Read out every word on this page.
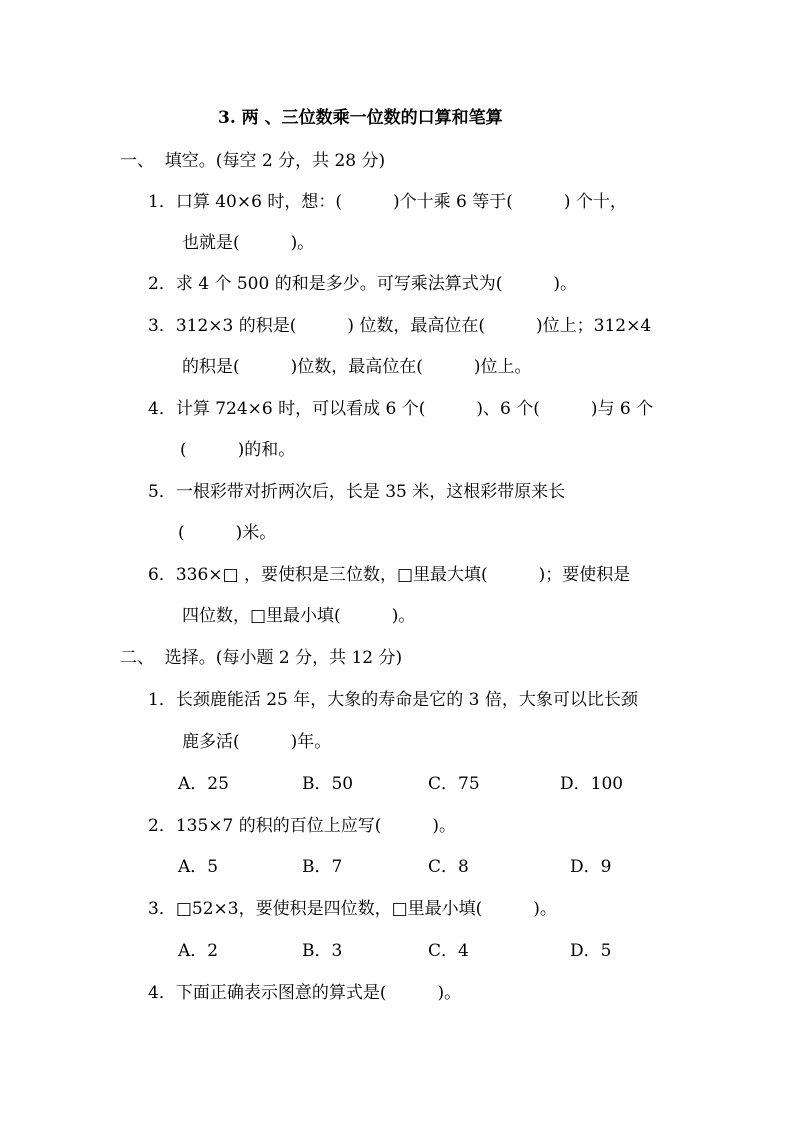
3. 两 、三位数乘一位数的口算和笔算
一、  填空。(每空 2 分，共 28 分)
1．口算 40×6 时，想：(　　　)个十乘 6 等于(　　　) 个十，
也就是(　　　)。
2．求 4 个 500 的和是多少。可写乘法算式为(　　　)。
3．312×3 的积是(　　　) 位数，最高位在(　　　)位上；312×4
的积是(　　　)位数，最高位在(　　　)位上。
4．计算 724×6 时，可以看成 6 个(　　　)、6 个(　　　)与 6 个
(　　　)的和。
5．一根彩带对折两次后，长是 35 米，这根彩带原来长
(　　　)米。
6．336×□ ，要使积是三位数，□里最大填(　　　)；要使积是
四位数，□里最小填(　　　)。
二、  选择。(每小题 2 分，共 12 分)
1．长颈鹿能活 25 年，大象的寿命是它的 3 倍，大象可以比长颈
鹿多活(　　　)年。
A．25	B．50	C．75	D．100
2．135×7 的积的百位上应写(　　　)。
A．5	B．7	C．8	D．9
3．□52×3，要使积是四位数，□里最小填(　　　)。
A．2	B．3	C．4	D．5
4．下面正确表示图意的算式是(　　　)。
